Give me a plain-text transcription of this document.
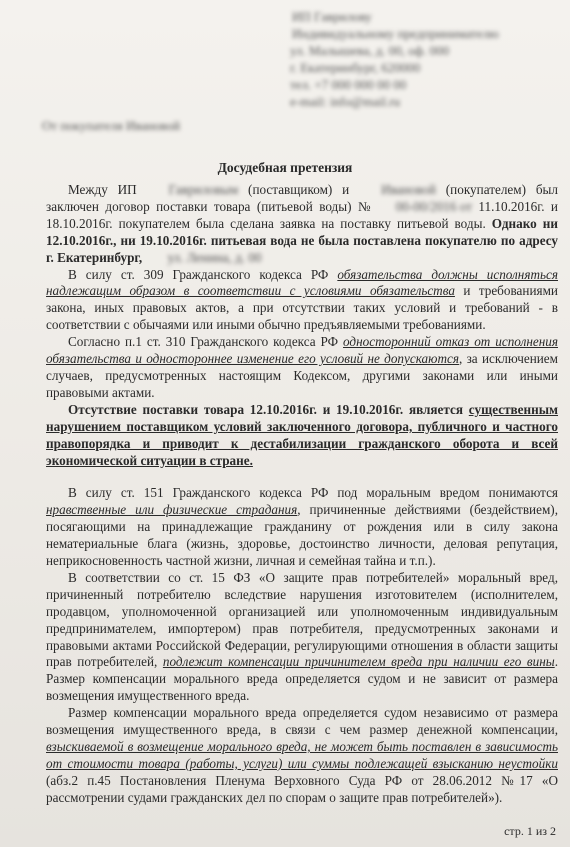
ИП Гаврилову
Индивидуальному предпринимателю
ул. Малышева, д. 00, оф. 000
г. Екатеринбург, 620000
тел. +7 000 000 00 00
e-mail: info@mail.ru
От покупателя Ивановой
Досудебная претензия

Между ИП Гавриловым (поставщиком) и Ивановой (покупателем) был заключен договор поставки товара (питьевой воды) № 00-00/2016 от 11.10.2016г. и 18.10.2016г. покупателем была сделана заявка на поставку питьевой воды. Однако ни 12.10.2016г., ни 19.10.2016г. питьевая вода не была поставлена покупателю по адресу г. Екатеринбург, ул. Ленина, д. 00

В силу ст. 309 Гражданского кодекса РФ обязательства должны исполняться надлежащим образом в соответствии с условиями обязательства и требованиями закона, иных правовых актов, а при отсутствии таких условий и требований - в соответствии с обычаями или иными обычно предъявляемыми требованиями.

Согласно п.1 ст. 310 Гражданского кодекса РФ односторонний отказ от исполнения обязательства и одностороннее изменение его условий не допускаются, за исключением случаев, предусмотренных настоящим Кодексом, другими законами или иными правовыми актами.

Отсутствие поставки товара 12.10.2016г. и 19.10.2016г. является существенным нарушением поставщиком условий заключенного договора, публичного и частного правопорядка и приводит к дестабилизации гражданского оборота и всей экономической ситуации в стране.

В силу ст. 151 Гражданского кодекса РФ под моральным вредом понимаются нравственные или физические страдания, причиненные действиями (бездействием), посягающими на принадлежащие гражданину от рождения или в силу закона нематериальные блага (жизнь, здоровье, достоинство личности, деловая репутация, неприкосновенность частной жизни, личная и семейная тайна и т.п.).

В соответствии со ст. 15 ФЗ «О защите прав потребителей» моральный вред, причиненный потребителю вследствие нарушения изготовителем (исполнителем, продавцом, уполномоченной организацией или уполномоченным индивидуальным предпринимателем, импортером) прав потребителя, предусмотренных законами и правовыми актами Российской Федерации, регулирующими отношения в области защиты прав потребителей, подлежит компенсации причинителем вреда при наличии его вины. Размер компенсации морального вреда определяется судом и не зависит от размера возмещения имущественного вреда.

Размер компенсации морального вреда определяется судом независимо от размера возмещения имущественного вреда, в связи с чем размер денежной компенсации, взыскиваемой в возмещение морального вреда, не может быть поставлен в зависимость от стоимости товара (работы, услуги) или суммы подлежащей взысканию неустойки (абз.2 п.45 Постановления Пленума Верховного Суда РФ от 28.06.2012 №17 «О рассмотрении судами гражданских дел по спорам о защите прав потребителей»).

стр. 1 из 2
